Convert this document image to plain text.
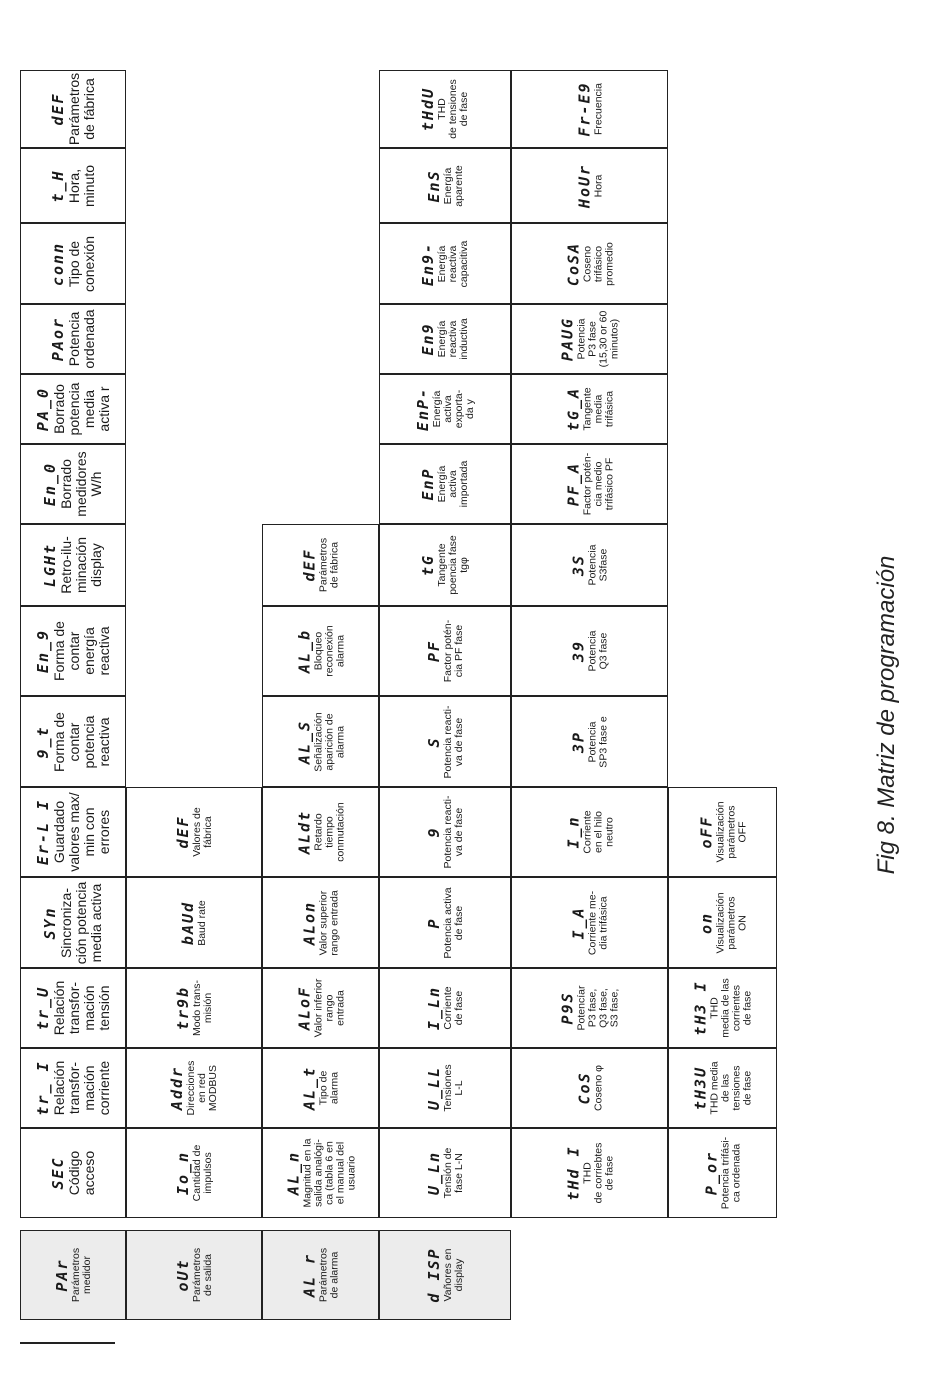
PAr Parámetros
medidor
SEC Código
acceso
tr_ I Relación
transfor-
mación
corriente
tr_U Relación
transfor-
mación
tensión
SYn Sincroniza-
ción potencia
media activa
Er-L I Guardado
valores max/
min con
errores
9_t Forma de
contar
potencia
reactiva
En_9 Forma de
contar
energía
reactiva
LGHt Retro-ilu-
minación
display
En_0 Borrado
medidores
W/h
PA_0 Borrado
potencia
media
activa r
PAor Potencia
ordenada
conn Tipo de
conexión
t_H Hora,
minuto
dEF Parámetros
de fábrica
oUt Parámetros
de salida
Io_n Cantidad de
impulsos
Addr Direcciones
en red
MODBUS
tr9b Modo trans-
misión
bAUd Baud rate
dEF Valores de
fábrica
AL r Parámetros
de alarma
AL_n Magnitud en la
salida analógi-
ca (tabla 6 en
el manual del
usuario
AL_t Tipo de
alarma
ALoF Valor inferior
rango
entrada
ALon Valor superior
rango entrada
ALdt Retardo
tiempo
conmutación
AL_S Señalización
aparición de
alarma
AL_b Bloqueo
reconexión
alarma
dEF Parámetros
de fábrica
d ISP Vañores en
display
U_Ln Tensión de
fase L-N
U_LL Tensiones
L-L
I_Ln Corriente
de fase
P Potencia activa
de fase
9 Potencia reacti-
va de fase
S Potencia reacti-
va de fase
PF
Factor potén-
cia PF fase
tG Tangente
poencia fase
tgφ
EnP Energía
activa
importada
EnP- Energía
activa
exporta-
da y
En9 Energía
reactiva
inductiva
En9- Energía
reactiva
capacitiva
EnS Energía
aparente
tHdU THD
de tensiones
de fase
tHd I THD
de corriebtes
de fase
CoS Coseno φ
P9S Potencíar
P3 fase,
Q3 fase,
S3 fase,
I_A Corriente me-
dia trifásica
I_n Corriente
en el hilo
neutro
3P Potencia
SP3 fase e
39 Potencia
Q3 fase
3S Potencia
S3fase
PF_A Factor potén-
cia medio
trifásico PF
tG_A Tangente
media
trifásica
PAUG Potencia
P3 fase
(15,30 or 60
minutos)
CoSA Coseno
trifásico
promedio
HoUr Hora
Fr-E9 Frecuencia
P_or Potencia trifási-
ca ordenada
tH3U THD media
de las
tensiones
de fase
tH3 I THD
media de las
corrientes
de fase
on Visualización
parámetros
ON
oFF Visualización
parámetros
OFF	Fig 8. Matriz de programación
